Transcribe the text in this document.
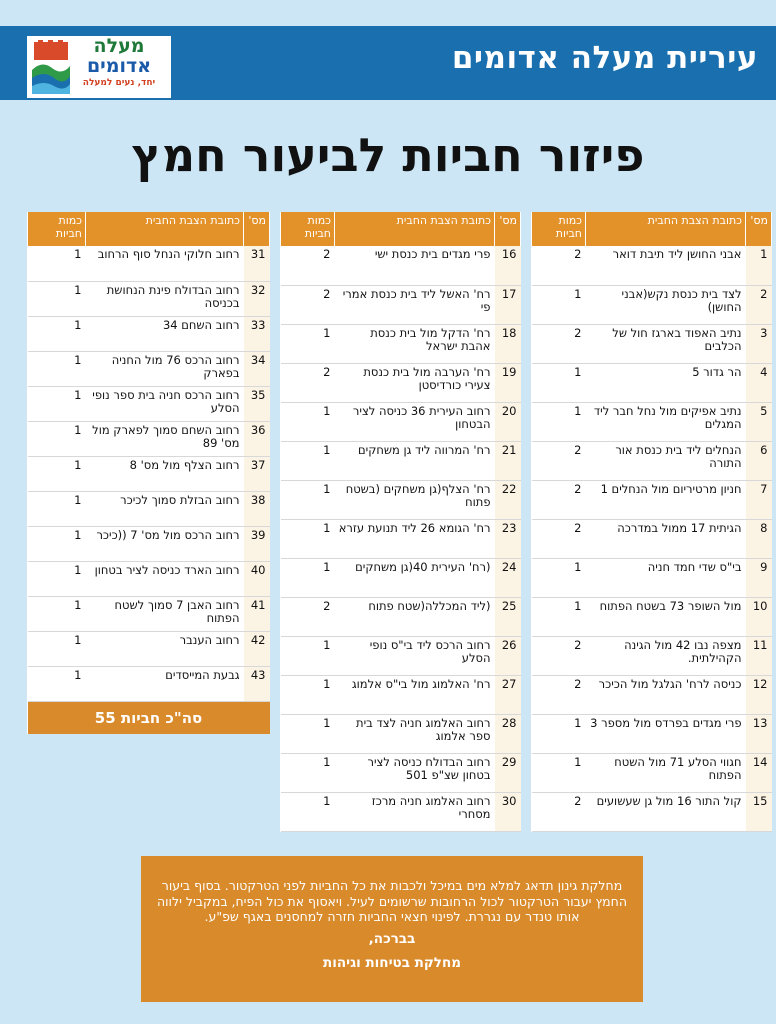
עיריית מעלה אדומים
מעלה
אדומים
יחד, נעים למעלה
פיזור חביות לביעור חמץ
מס'	כתובת הצבת החבית	כמות חביות
1	אבני החושן ליד תיבת דואר	2
2	לצד בית כנסת נקש(אבני החושן)	1
3	נתיב האפוד בארגז חול של הכלבים	2
4	הר גדור 5	1
5	נתיב אפיקים מול נחל חבר ליד המגלים	1
6	הנחלים ליד בית כנסת אור התורה	2
7	חניון מרטיריום מול הנחלים 1	2
8	הגיתית 17 ממול במדרכה	2
9	בי"ס שדי חמד חניה	1
10	מול השופר 73 בשטח הפתוח	1
11	מצפה נבו 42 מול הגינה הקהילתית.	2
12	כניסה לרח' הגלגל מול הכיכר	2
13	פרי מגדים בפרדס מול מספר 3	1
14	חגווי הסלע 71 מול השטח הפתוח	1
15	קול התור 16 מול גן שעשועים	2
מס'	כתובת הצבת החבית	כמות חביות
16	פרי מגדים בית כנסת ישי	2
17	רח' האשל ליד בית כנסת אמרי פי	2
18	רח' הדקל מול בית כנסת אהבת ישראל	1
19	רח' הערבה מול בית כנסת צעירי כורדיסטן	2
20	רחוב העירית 36 כניסה לציר הבטחון	1
21	רח' המרווה ליד גן משחקים	1
22	רח' הצלף(גן משחקים (בשטח פתוח	1
23	רח' הגומא 26 ליד תנועת עזרא	1
24	(רח' העירית 40(גן משחקים	1
25	(ליד המכללה(שטח פתוח	2
26	רחוב הרכס ליד בי"ס נופי הסלע	1
27	רח' האלמוג מול בי"ס אלמוג	1
28	רחוב האלמוג חניה לצד בית ספר אלמוג	1
29	רחוב הבדולח כניסה לציר בטחון שצ"פ 501	1
30	רחוב האלמוג חניה מרכז מסחרי	1
מס'	כתובת הצבת החבית	כמות חביות
31	רחוב חלוקי הנחל סוף הרחוב	1
32	רחוב הבדולח פינת הנחושת בכניסה	1
33	רחוב השחם 34	1
34	רחוב הרכס 76 מול החניה בפארק	1
35	רחוב הרכס חניה בית ספר נופי הסלע	1
36	רחוב השחם סמוך לפארק מול מס' 89	1
37	רחוב הצלף מול מס' 8	1
38	רחוב הבזלת סמוך לכיכר	1
39	רחוב הרכס מול מס' 7 ((כיכר	1
40	רחוב הארד כניסה לציר בטחון	1
41	רחוב האבן 7 סמוך לשטח הפתוח	1
42	רחוב הענבר	1
43	גבעת המייסדים	1
סה"כ חביות 55		
מחלקת גינון תדאג למלא מים במיכל ולכבות את כל החביות לפני הטרקטור. בסוף ביעור החמץ יעבור הטרקטור לכול הרחובות שרשומים לעיל. ויאסוף את כול הפיח, במקביל ילווה אותו טנדר עם נגררת. לפינוי חצאי החביות חזרה למחסנים באגף שפ"ע.
בברכה,
מחלקת בטיחות וגיהות
